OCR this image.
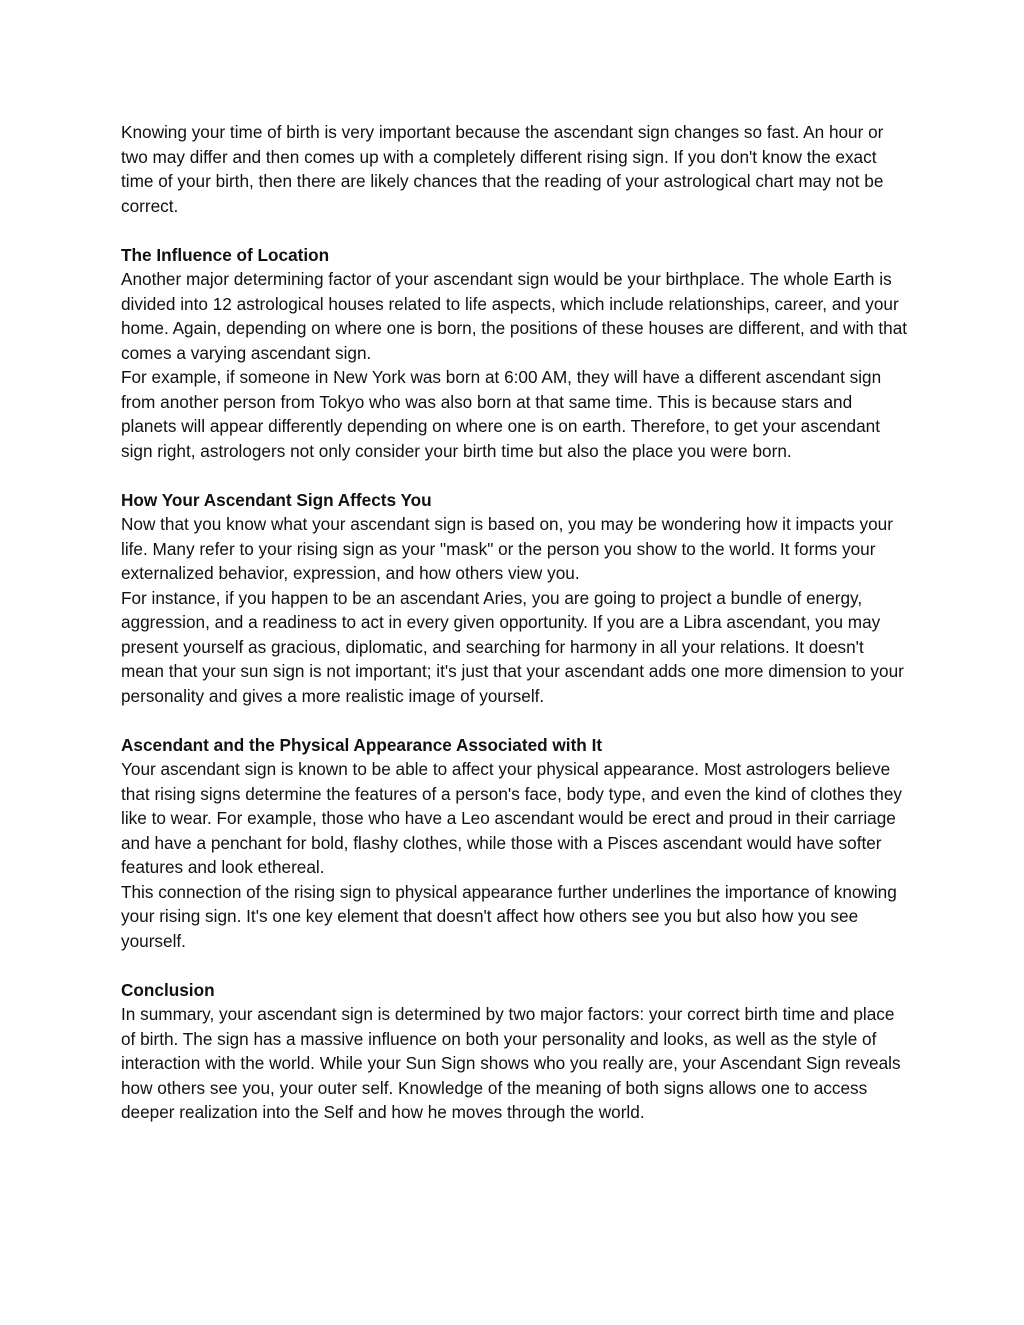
Knowing your time of birth is very important because the ascendant sign changes so fast. An hour or two may differ and then comes up with a completely different rising sign. If you don't know the exact time of your birth, then there are likely chances that the reading of your astrological chart may not be correct.

The Influence of Location

Another major determining factor of your ascendant sign would be your birthplace. The whole Earth is divided into 12 astrological houses related to life aspects, which include relationships, career, and your home. Again, depending on where one is born, the positions of these houses are different, and with that comes a varying ascendant sign.

For example, if someone in New York was born at 6:00 AM, they will have a different ascendant sign from another person from Tokyo who was also born at that same time. This is because stars and planets will appear differently depending on where one is on earth. Therefore, to get your ascendant sign right, astrologers not only consider your birth time but also the place you were born.

How Your Ascendant Sign Affects You

Now that you know what your ascendant sign is based on, you may be wondering how it impacts your life. Many refer to your rising sign as your "mask" or the person you show to the world. It forms your externalized behavior, expression, and how others view you.

For instance, if you happen to be an ascendant Aries, you are going to project a bundle of energy, aggression, and a readiness to act in every given opportunity. If you are a Libra ascendant, you may present yourself as gracious, diplomatic, and searching for harmony in all your relations. It doesn't mean that your sun sign is not important; it's just that your ascendant adds one more dimension to your personality and gives a more realistic image of yourself.

Ascendant and the Physical Appearance Associated with It

Your ascendant sign is known to be able to affect your physical appearance. Most astrologers believe that rising signs determine the features of a person's face, body type, and even the kind of clothes they like to wear. For example, those who have a Leo ascendant would be erect and proud in their carriage and have a penchant for bold, flashy clothes, while those with a Pisces ascendant would have softer features and look ethereal.

This connection of the rising sign to physical appearance further underlines the importance of knowing your rising sign. It's one key element that doesn't affect how others see you but also how you see yourself.

Conclusion

In summary, your ascendant sign is determined by two major factors: your correct birth time and place of birth. The sign has a massive influence on both your personality and looks, as well as the style of interaction with the world. While your Sun Sign shows who you really are, your Ascendant Sign reveals how others see you, your outer self. Knowledge of the meaning of both signs allows one to access deeper realization into the Self and how he moves through the world.
